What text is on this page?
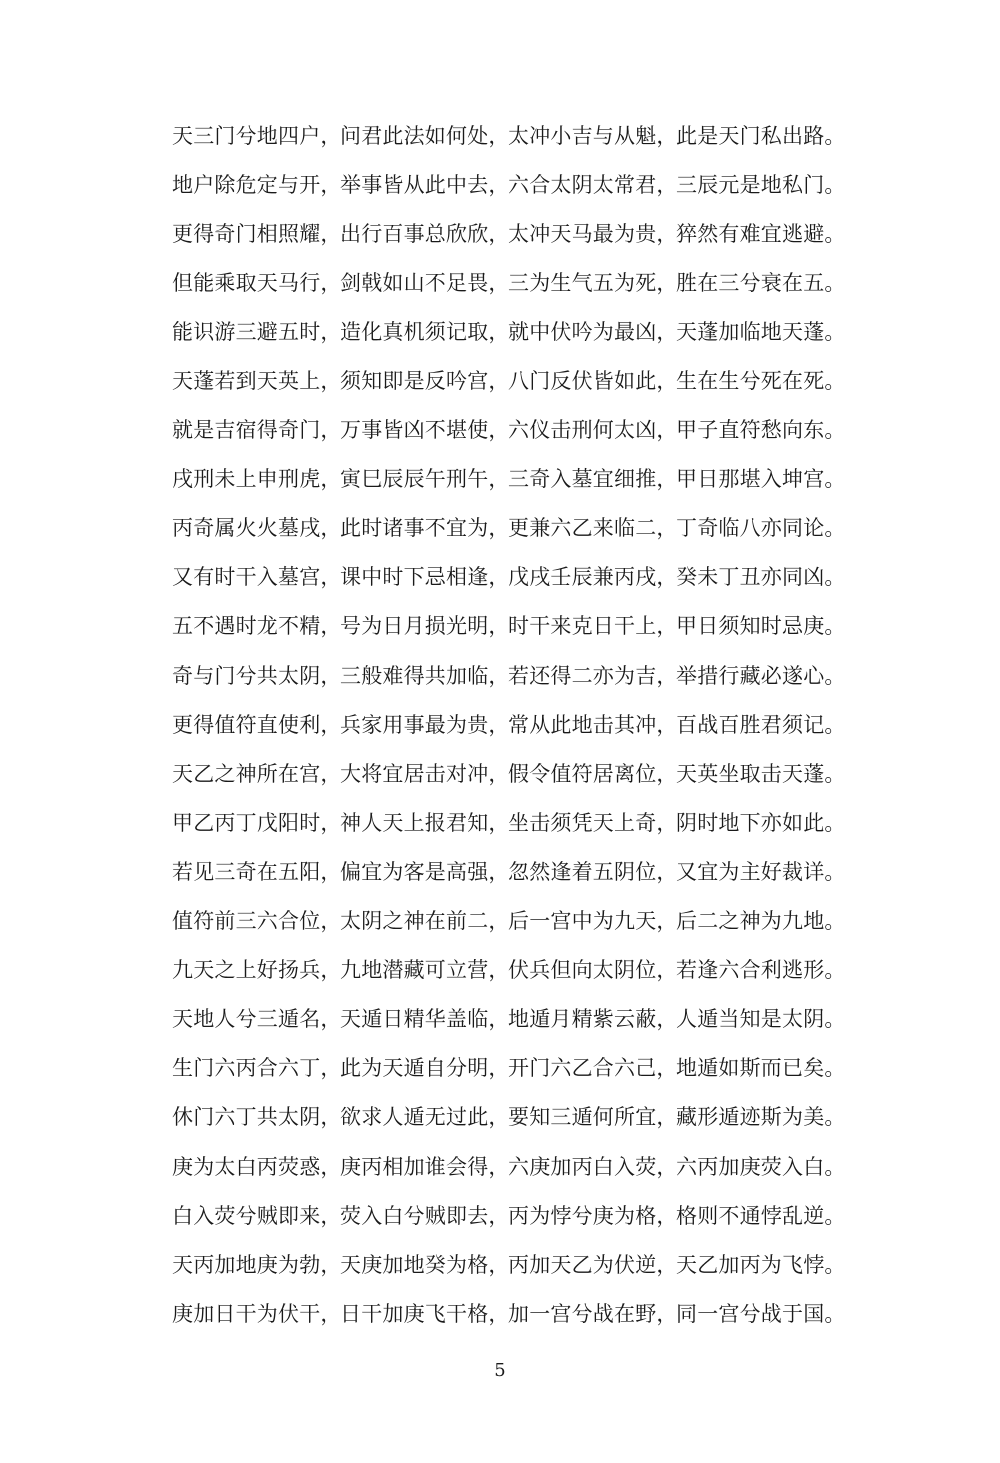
天三门兮地四户，
问君此法如何处，
太冲小吉与从魁，
此是天门私出路。
地户除危定与开，
举事皆从此中去，
六合太阴太常君，
三辰元是地私门。
更得奇门相照耀，
出行百事总欣欣，
太冲天马最为贵，
猝然有难宜逃避。
但能乘取天马行，
剑戟如山不足畏，
三为生气五为死，
胜在三兮衰在五。
能识游三避五时，
造化真机须记取，
就中伏吟为最凶，
天蓬加临地天蓬。
天蓬若到天英上，
须知即是反吟宫，
八门反伏皆如此，
生在生兮死在死。
就是吉宿得奇门，
万事皆凶不堪使，
六仪击刑何太凶，
甲子直符愁向东。
戌刑未上申刑虎，
寅巳辰辰午刑午，
三奇入墓宜细推，
甲日那堪入坤宫。
丙奇属火火墓戌，
此时诸事不宜为，
更兼六乙来临二，
丁奇临八亦同论。
又有时干入墓宫，
课中时下忌相逢，
戊戌壬辰兼丙戌，
癸未丁丑亦同凶。
五不遇时龙不精，
号为日月损光明，
时干来克日干上，
甲日须知时忌庚。
奇与门兮共太阴，
三般难得共加临，
若还得二亦为吉，
举措行藏必遂心。
更得值符直使利，
兵家用事最为贵，
常从此地击其冲，
百战百胜君须记。
天乙之神所在宫，
大将宜居击对冲，
假令值符居离位，
天英坐取击天蓬。
甲乙丙丁戊阳时，
神人天上报君知，
坐击须凭天上奇，
阴时地下亦如此。
若见三奇在五阳，
偏宜为客是高强，
忽然逢着五阴位，
又宜为主好裁详。
值符前三六合位，
太阴之神在前二，
后一宫中为九天，
后二之神为九地。
九天之上好扬兵，
九地潜藏可立营，
伏兵但向太阴位，
若逢六合利逃形。
天地人兮三遁名，
天遁日精华盖临，
地遁月精紫云蔽，
人遁当知是太阴。
生门六丙合六丁，
此为天遁自分明，
开门六乙合六己，
地遁如斯而已矣。
休门六丁共太阴，
欲求人遁无过此，
要知三遁何所宜，
藏形遁迹斯为美。
庚为太白丙荧惑，
庚丙相加谁会得，
六庚加丙白入荧，
六丙加庚荧入白。
白入荧兮贼即来，
荧入白兮贼即去，
丙为悖兮庚为格，
格则不通悖乱逆。
天丙加地庚为勃，
天庚加地癸为格，
丙加天乙为伏逆，
天乙加丙为飞悖。
庚加日干为伏干，
日干加庚飞干格，
加一宫兮战在野，
同一宫兮战于国。
5
